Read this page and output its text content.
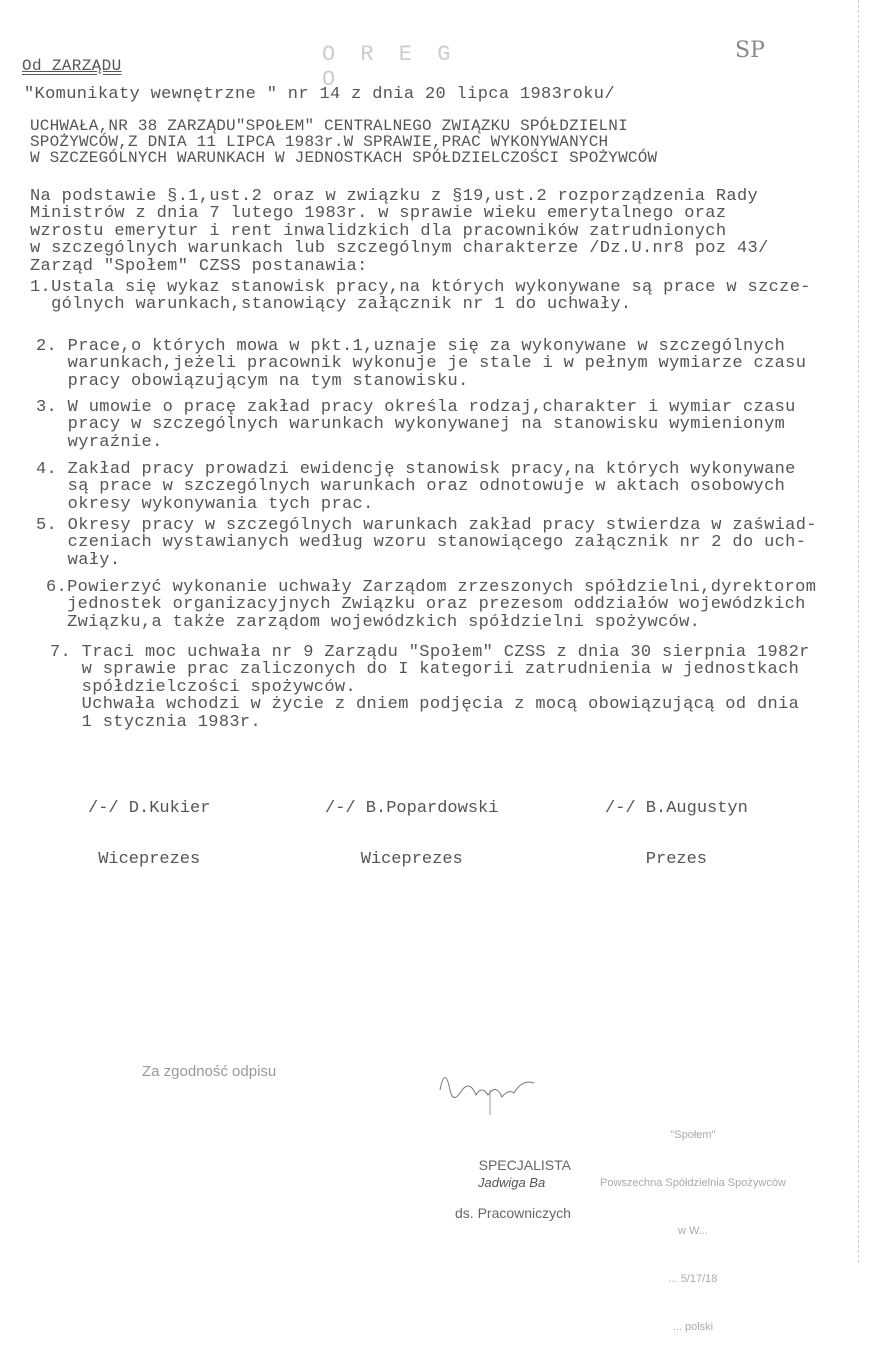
O R E G O
SP
Od ZARZĄDU
"Komunikaty wewnętrzne " nr 14 z dnia 20 lipca 1983roku/
UCHWAŁA,NR 38 ZARZĄDU"SPOŁEM" CENTRALNEGO ZWIĄZKU SPÓŁDZIELNI
SPOŻYWCÓW,Z DNIA 11 LIPCA 1983r.W SPRAWIE,PRAC WYKONYWANYCH
W SZCZEGÓLNYCH WARUNKACH W JEDNOSTKACH SPÓŁDZIELCZOŚCI SPOŻYWCÓW
Na podstawie §.1,ust.2 oraz w związku z §19,ust.2 rozporządzenia Rady
Ministrów z dnia 7 lutego 1983r. w sprawie wieku emerytalnego oraz
wzrostu emerytur i rent inwalidzkich dla pracowników zatrudnionych
w szczególnych warunkach lub szczególnym charakterze /Dz.U.nr8 poz 43/
Zarząd "Społem" CZSS postanawia:
1.Ustala się wykaz stanowisk pracy,na których wykonywane są prace w szcze-
gólnych warunkach,stanowiący załącznik nr 1 do uchwały.
2. Prace,o których mowa w pkt.1,uznaje się za wykonywane w szczególnych
warunkach,jeżeli pracownik wykonuje je stale i w pełnym wymiarze czasu
pracy obowiązującym na tym stanowisku.
3. W umowie o pracę zakład pracy określa rodzaj,charakter i wymiar czasu
pracy w szczególnych warunkach wykonywanej na stanowisku wymienionym
wyraźnie.
4. Zakład pracy prowadzi ewidencję stanowisk pracy,na których wykonywane
są prace w szczególnych warunkach oraz odnotowuje w aktach osobowych
okresy wykonywania tych prac.
5. Okresy pracy w szczególnych warunkach zakład pracy stwierdza w zaświad-
czeniach wystawianych według wzoru stanowiącego załącznik nr 2 do uch-
wały.
6.Powierzyć wykonanie uchwały Zarządom zrzeszonych spółdzielni,dyrektorom
jednostek organizacyjnych Związku oraz prezesom oddziałów wojewódzkich
Związku,a także zarządom wojewódzkich spółdzielni spożywców.
7. Traci moc uchwała nr 9 Zarządu "Społem" CZSS z dnia 30 sierpnia 1982r
w sprawie prac zaliczonych do I kategorii zatrudnienia w jednostkach
spółdzielczości spożywców.
Uchwała wchodzi w życie z dniem podjęcia z mocą obowiązującą od dnia
1 stycznia 1983r.

/-/ D.Kukier

Wiceprezes

/-/ B.Popardowski

Wiceprezes

/-/ B.Augustyn

Prezes

Za zgodność odpisu

SPECJALISTA

ds. Pracowniczych

Jadwiga Ba

"Społem"

Powszechna Spółdzielnia Spożywców

w W...

... 5/17/18

... polski
